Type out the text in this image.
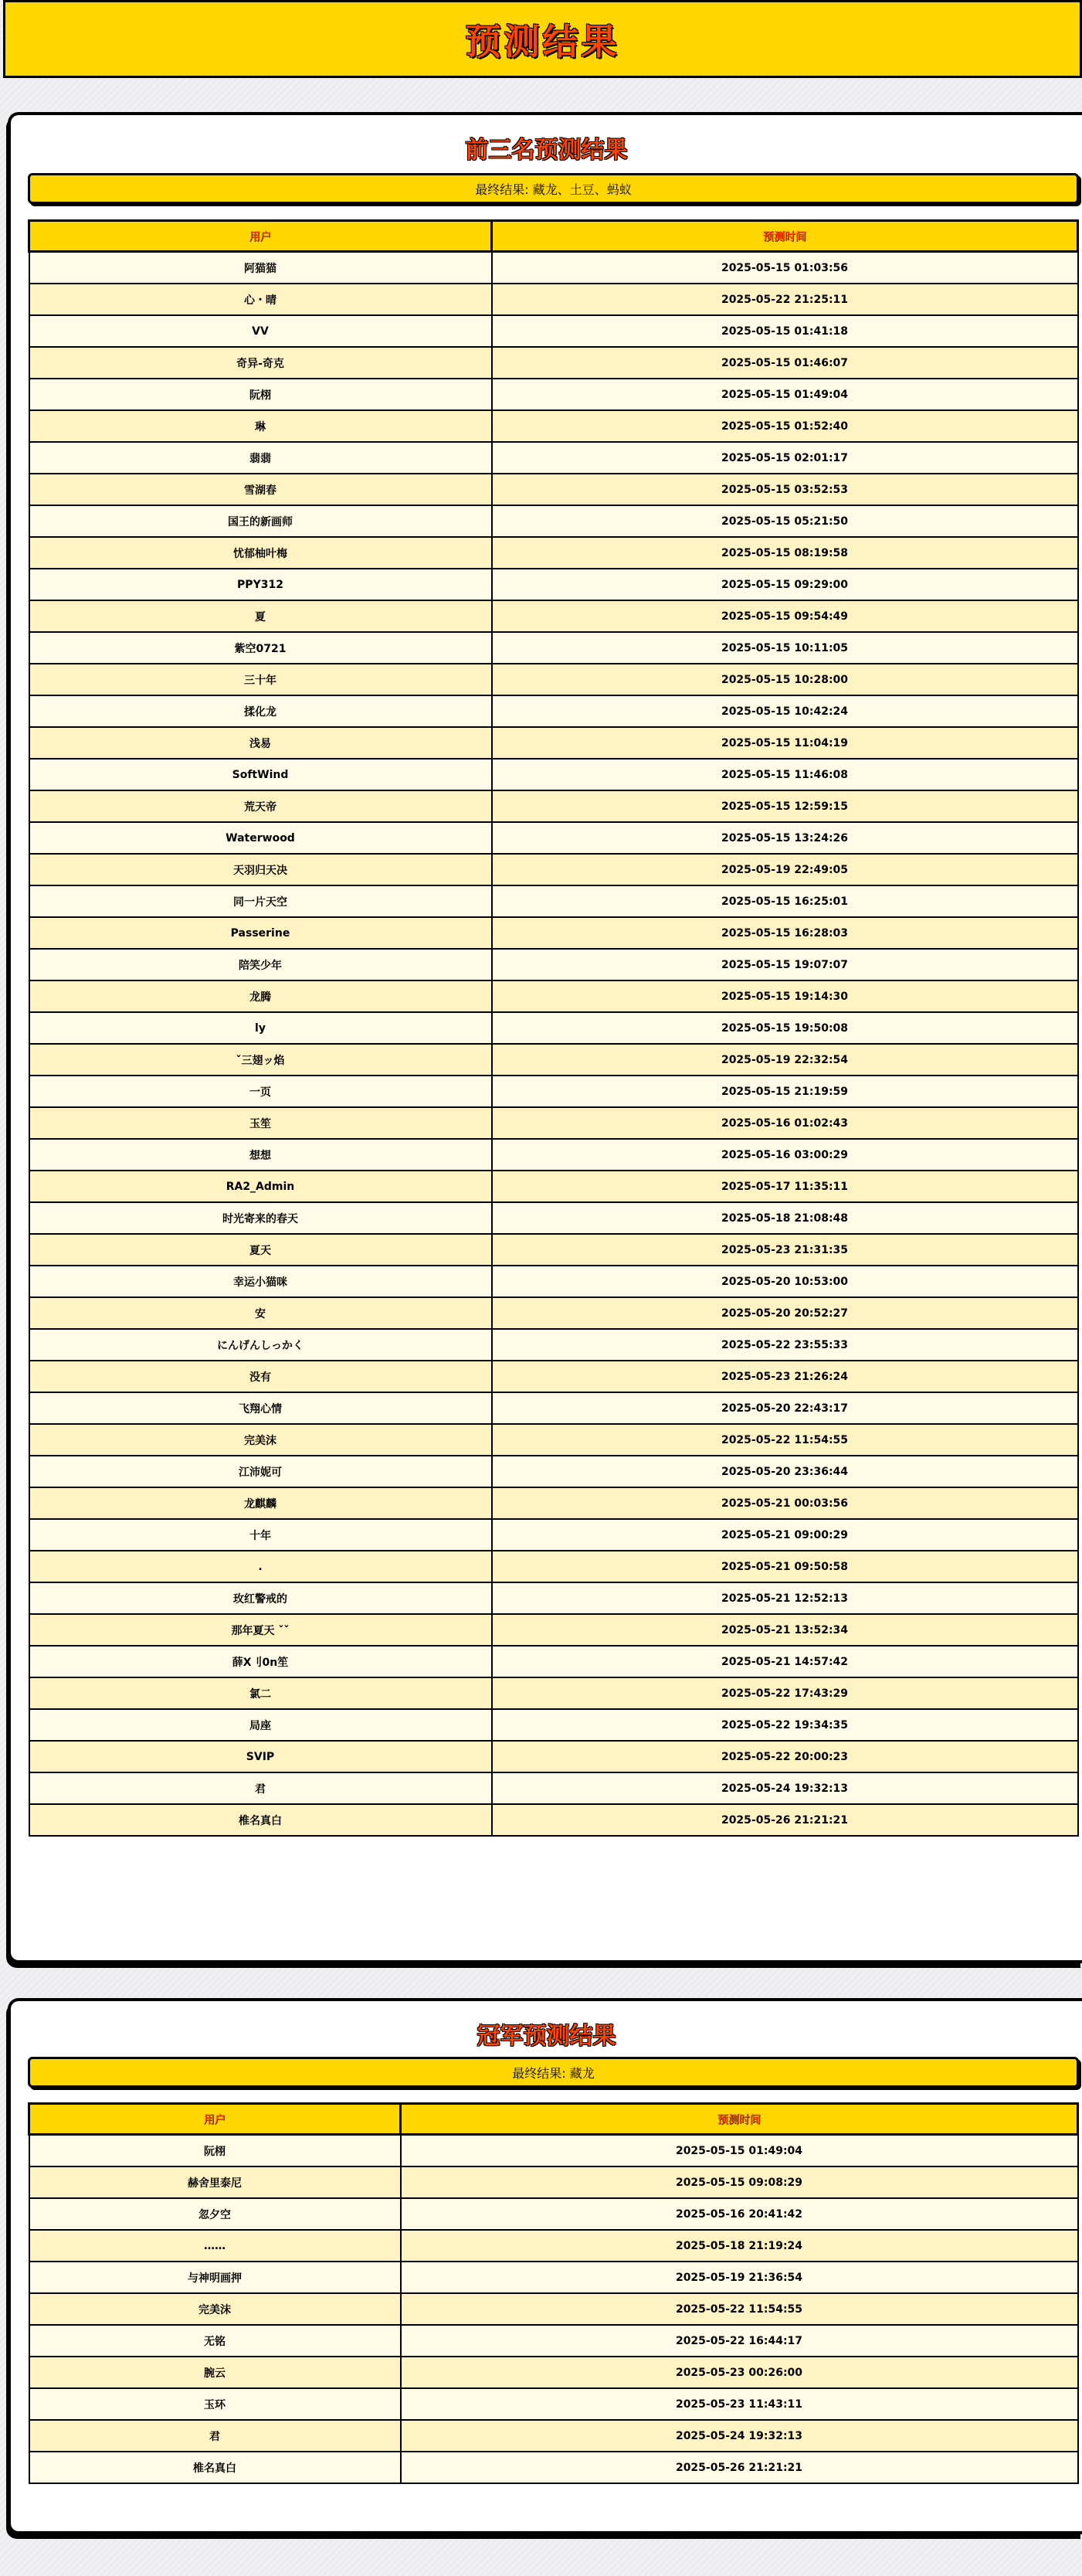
预测结果
前三名预测结果
最终结果: 藏龙、土豆、蚂蚁
用户	预测时间
阿猫猫	2025-05-15 01:03:56
心・晴	2025-05-22 21:25:11
VV	2025-05-15 01:41:18
奇异-奇克	2025-05-15 01:46:07
阮栩	2025-05-15 01:49:04
琳	2025-05-15 01:52:40
翡翡	2025-05-15 02:01:17
雪湖春	2025-05-15 03:52:53
国王的新画师	2025-05-15 05:21:50
忧郁柚叶梅	2025-05-15 08:19:58
PPY312	2025-05-15 09:29:00
夏	2025-05-15 09:54:49
紫空0721	2025-05-15 10:11:05
三十年	2025-05-15 10:28:00
揉化龙	2025-05-15 10:42:24
浅易	2025-05-15 11:04:19
SoftWind	2025-05-15 11:46:08
荒天帝	2025-05-15 12:59:15
Waterwood	2025-05-15 13:24:26
天羽归天决	2025-05-19 22:49:05
同一片天空	2025-05-15 16:25:01
Passerine	2025-05-15 16:28:03
陪笑少年	2025-05-15 19:07:07
龙腾	2025-05-15 19:14:30
ly	2025-05-15 19:50:08
ˇ三翅ッ焰	2025-05-19 22:32:54
一页	2025-05-15 21:19:59
玉笙	2025-05-16 01:02:43
想想	2025-05-16 03:00:29
RA2_Admin	2025-05-17 11:35:11
时光寄来的春天	2025-05-18 21:08:48
夏天	2025-05-23 21:31:35
幸运小猫咪	2025-05-20 10:53:00
安	2025-05-20 20:52:27
にんげんしっかく	2025-05-22 23:55:33
没有	2025-05-23 21:26:24
飞翔心情	2025-05-20 22:43:17
完美沫	2025-05-22 11:54:55
江沛妮可	2025-05-20 23:36:44
龙麒麟	2025-05-21 00:03:56
十年	2025-05-21 09:00:29
.	2025-05-21 09:50:58
玫红警戒的	2025-05-21 12:52:13
那年夏天 ˇˇ	2025-05-21 13:52:34
薛X刂0n笙	2025-05-21 14:57:42
氯二	2025-05-22 17:43:29
局座	2025-05-22 19:34:35
SVIP	2025-05-22 20:00:23
君	2025-05-24 19:32:13
椎名真白	2025-05-26 21:21:21
冠军预测结果
最终结果: 藏龙
用户	预测时间
阮栩	2025-05-15 01:49:04
赫舍里泰尼	2025-05-15 09:08:29
忽夕空	2025-05-16 20:41:42
……	2025-05-18 21:19:24
与神明画押	2025-05-19 21:36:54
完美沫	2025-05-22 11:54:55
无铭	2025-05-22 16:44:17
腕云	2025-05-23 00:26:00
玉环	2025-05-23 11:43:11
君	2025-05-24 19:32:13
椎名真白	2025-05-26 21:21:21
